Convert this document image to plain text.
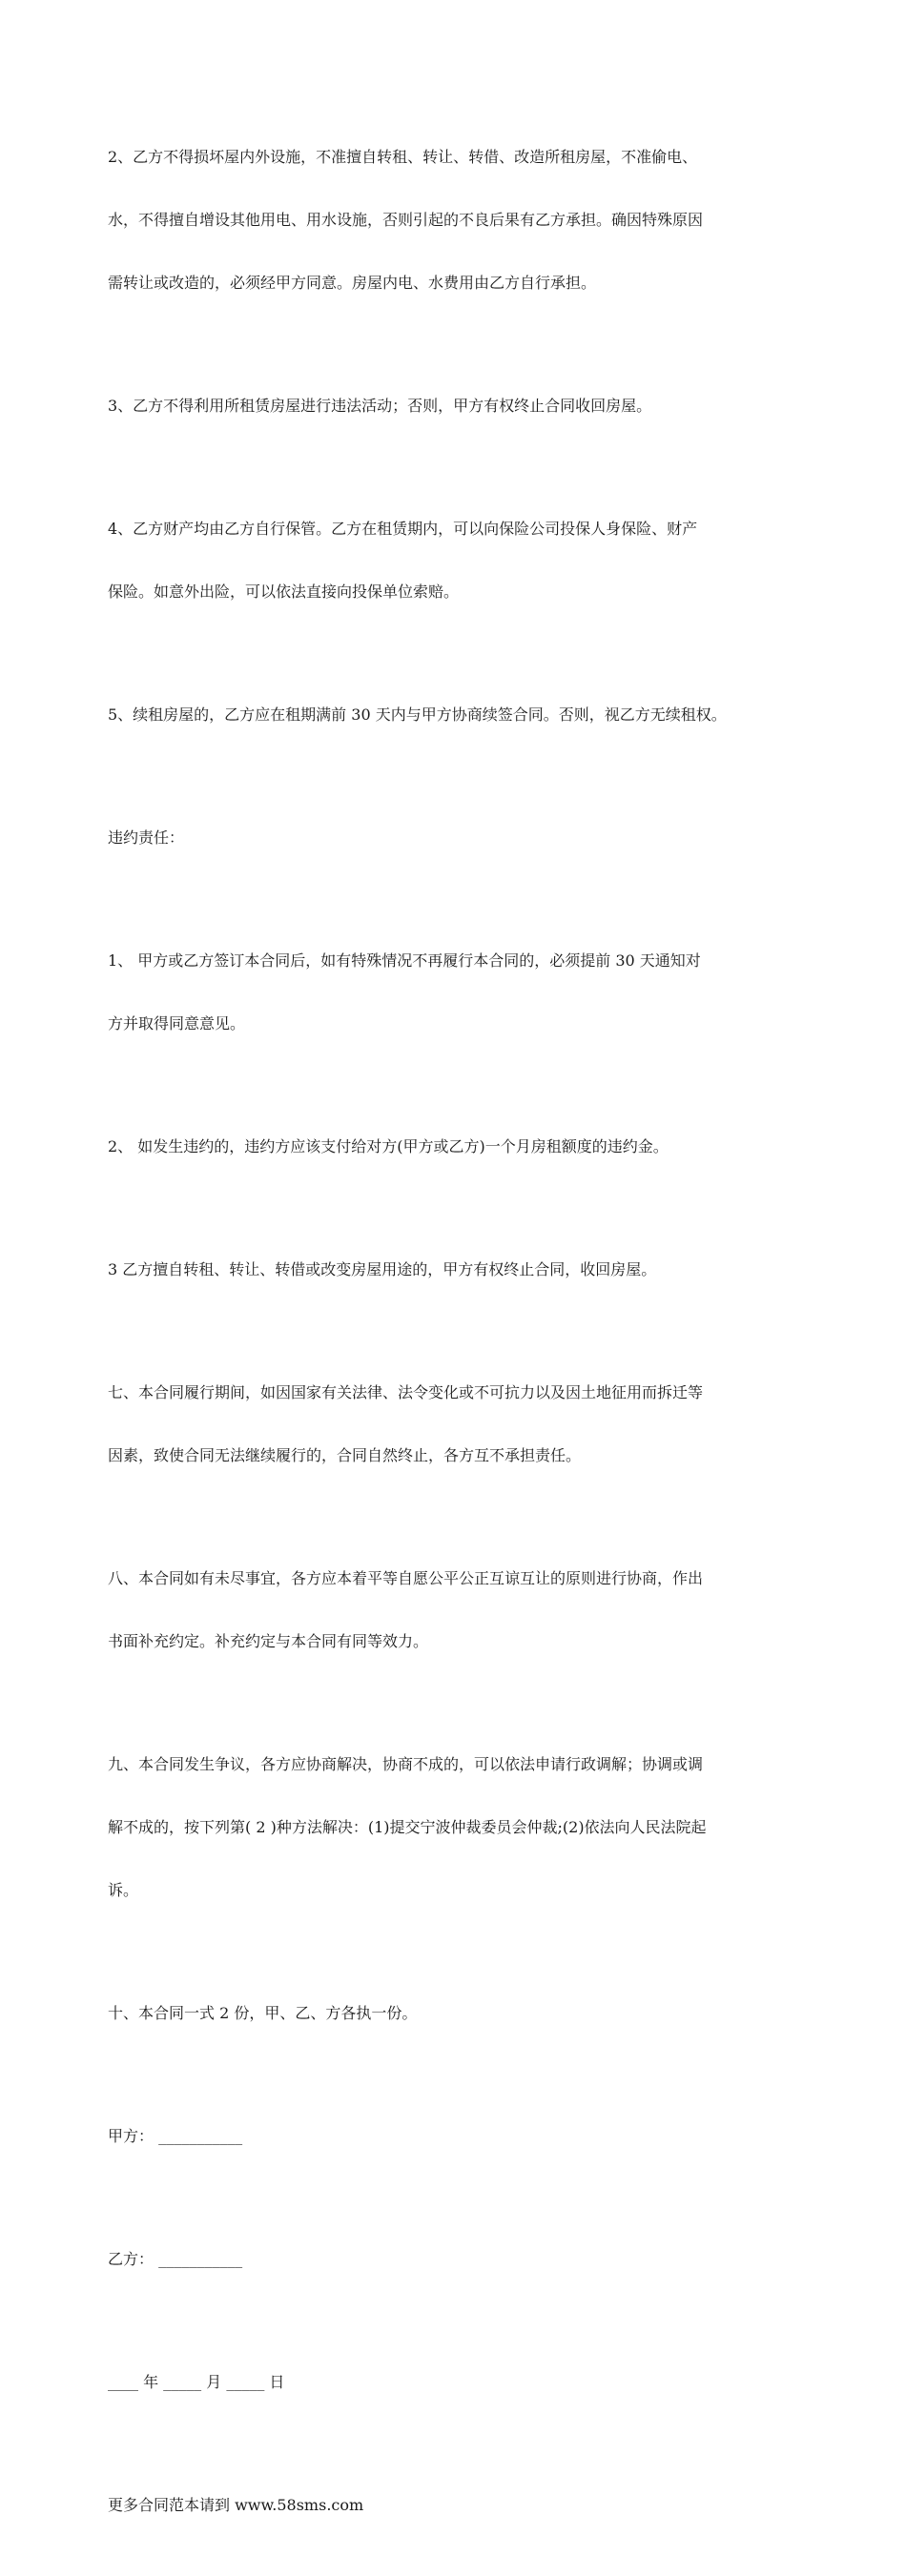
2、乙方不得损坏屋内外设施，不准擅自转租、转让、转借、改造所租房屋，不准偷电、

水，不得擅自增设其他用电、用水设施，否则引起的不良后果有乙方承担。确因特殊原因

需转让或改造的，必须经甲方同意。房屋内电、水费用由乙方自行承担。

3、乙方不得利用所租赁房屋进行违法活动；否则，甲方有权终止合同收回房屋。

4、乙方财产均由乙方自行保管。乙方在租赁期内，可以向保险公司投保人身保险、财产

保险。如意外出险，可以依法直接向投保单位索赔。

5、续租房屋的，乙方应在租期满前 30 天内与甲方协商续签合同。否则，视乙方无续租权。

违约责任：

1、 甲方或乙方签订本合同后，如有特殊情况不再履行本合同的，必须提前 30 天通知对

方并取得同意意见。

2、 如发生违约的，违约方应该支付给对方(甲方或乙方)一个月房租额度的违约金。

3 乙方擅自转租、转让、转借或改变房屋用途的，甲方有权终止合同，收回房屋。

七、本合同履行期间，如因国家有关法律、法令变化或不可抗力以及因土地征用而拆迁等

因素，致使合同无法继续履行的，合同自然终止，各方互不承担责任。

八、本合同如有未尽事宜，各方应本着平等自愿公平公正互谅互让的原则进行协商，作出

书面补充约定。补充约定与本合同有同等效力。

九、本合同发生争议，各方应协商解决，协商不成的，可以依法申请行政调解；协调或调

解不成的，按下列第( 2 )种方法解决：(1)提交宁波仲裁委员会仲裁;(2)依法向人民法院起

诉。

十、本合同一式 2 份，甲、乙、方各执一份。

甲方： ___________

乙方： ___________

____ 年 _____ 月 _____ 日

更多合同范本请到 www.58sms.com
